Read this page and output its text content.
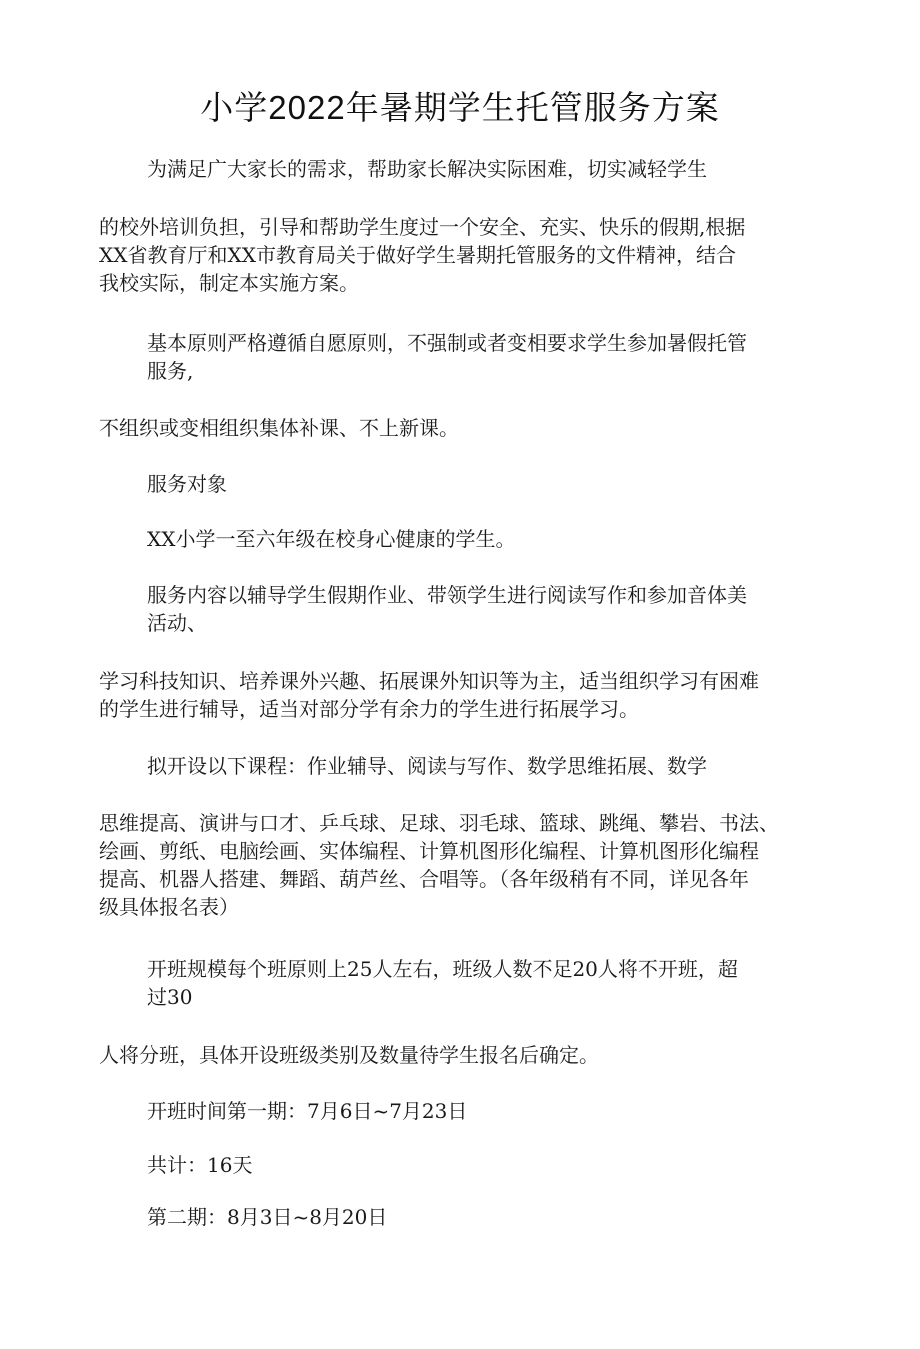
小学2022年暑期学生托管服务方案
为满足广大家长的需求，帮助家长解决实际困难，切实减轻学生
的校外培训负担，引导和帮助学生度过一个安全、充实、快乐的假期,根据
XX省教育厅和XX市教育局关于做好学生暑期托管服务的文件精神，结合
我校实际，制定本实施方案。
基本原则严格遵循自愿原则，不强制或者变相要求学生参加暑假托管
服务,
不组织或变相组织集体补课、不上新课。
服务对象
XX小学一至六年级在校身心健康的学生。
服务内容以辅导学生假期作业、带领学生进行阅读写作和参加音体美
活动、
学习科技知识、培养课外兴趣、拓展课外知识等为主，适当组织学习有困难
的学生进行辅导，适当对部分学有余力的学生进行拓展学习。
拟开设以下课程：作业辅导、阅读与写作、数学思维拓展、数学
思维提高、演讲与口才、乒乓球、足球、羽毛球、篮球、跳绳、攀岩、书法、
绘画、剪纸、电脑绘画、实体编程、计算机图形化编程、计算机图形化编程
提高、机器人搭建、舞蹈、葫芦丝、合唱等。（各年级稍有不同，详见各年
级具体报名表）
开班规模每个班原则上25人左右，班级人数不足20人将不开班，超
过30
人将分班，具体开设班级类别及数量待学生报名后确定。
开班时间第一期：7月6日~7月23日
共计：16天
第二期：8月3日~8月20日
